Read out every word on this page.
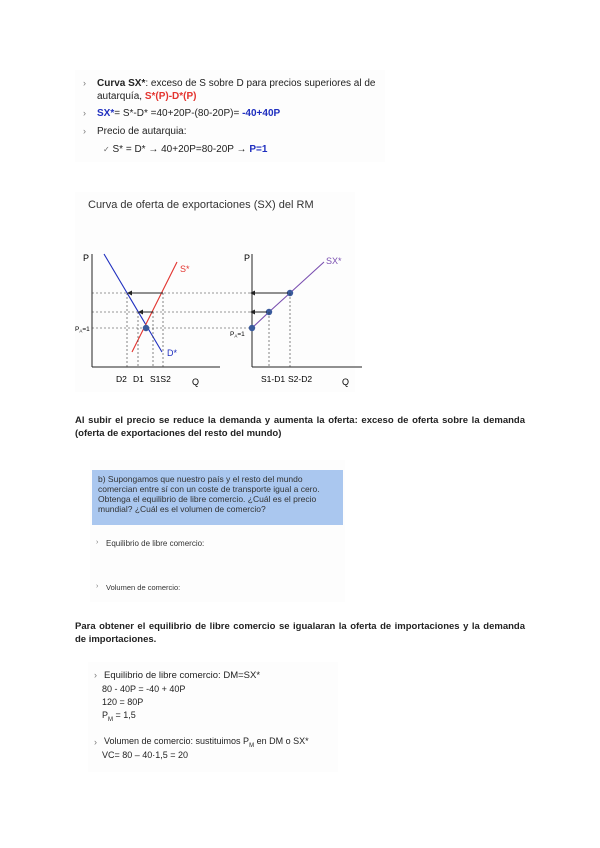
› Curva SX*: exceso de S sobre D para precios superiores al de
autarquía, S*(P)-D*(P)
› SX*= S*-D* =40+20P-(80-20P)= -40+40P
› Precio de autarquia:
✓ S* = D* → 40+20P=80-20P → P=1
Curva de oferta de exportaciones (SX) del RM
P
Q
D*
S*
$P_A=1$
D2 D1 S1S2
P
Q
SX*
$P_A=1$
S1-D1 S2-D2
Al subir el precio se reduce la demanda y aumenta la oferta: exceso de oferta sobre la demanda (oferta de exportaciones del resto del mundo)
b) Supongamos que nuestro país y el resto del mundo comercian entre sí con un coste de transporte igual a cero. Obtenga el equilibrio de libre comercio. ¿Cuál es el precio mundial? ¿Cuál es el volumen de comercio?
› Equilibrio de libre comercio:
› Volumen de comercio:
Para obtener el equilibrio de libre comercio se igualaran la oferta de importaciones y la demanda de importaciones.
› Equilibrio de libre comercio: DM=SX*
80 - 40P = -40 + 40P
120 = 80P
$P_M = 1,5$
› Volumen de comercio: sustituimos $P_M$ en DM o SX*
VC= 80 – 40·1,5 = 20
